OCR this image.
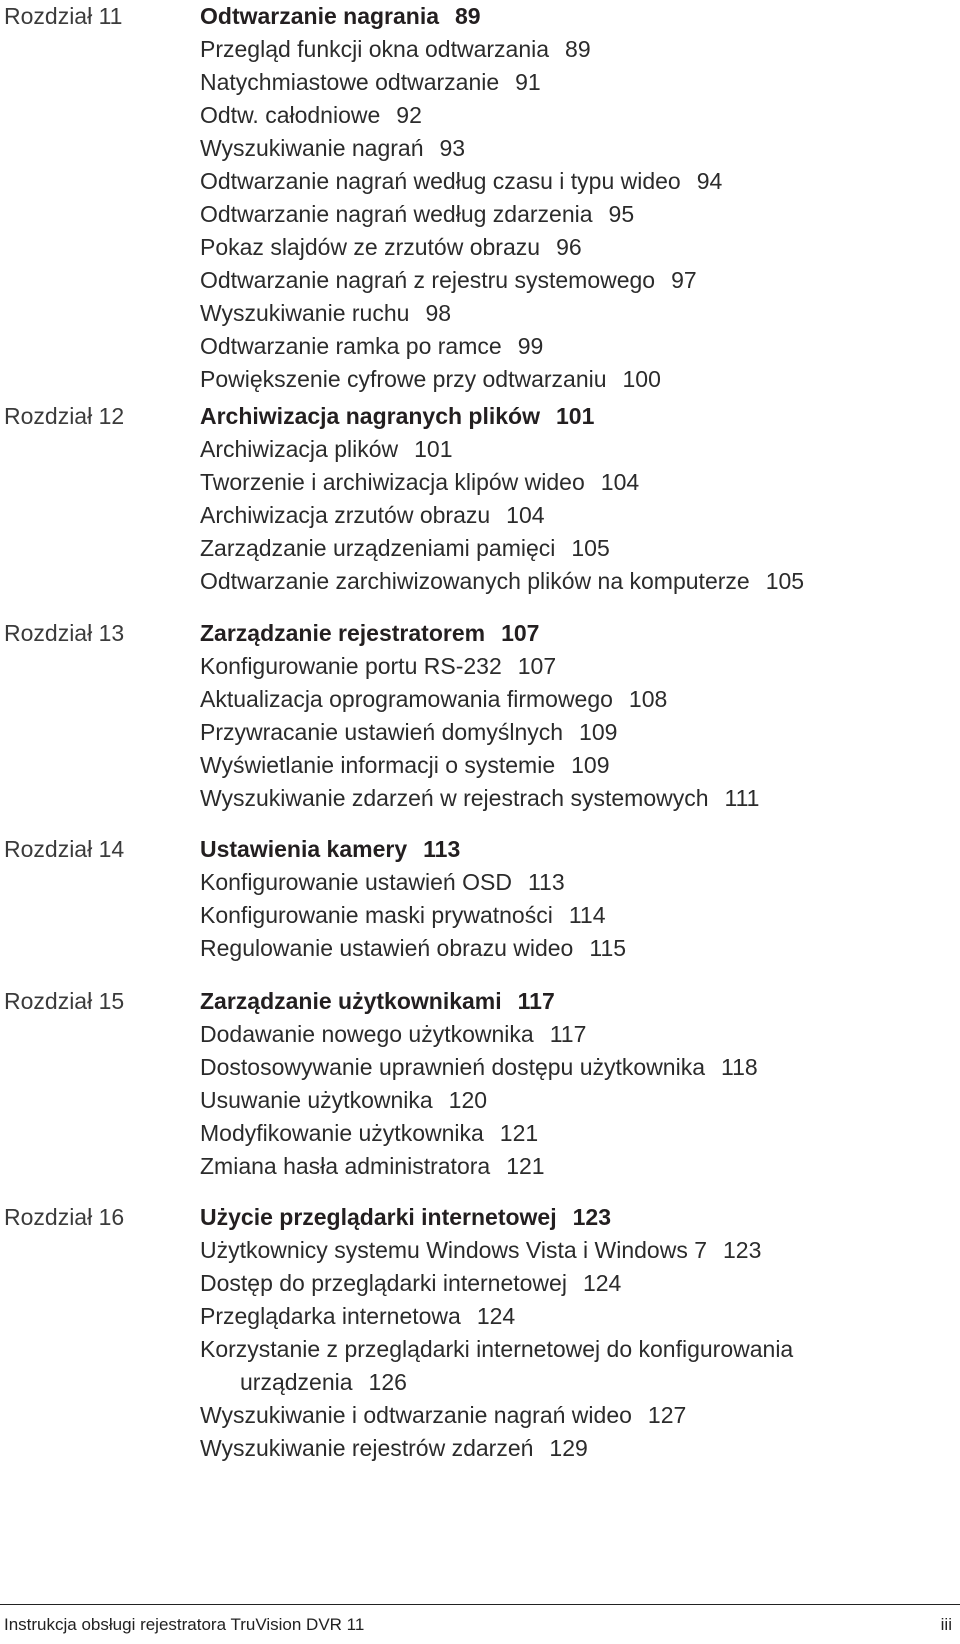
Rozdział 11	Odtwarzanie nagrania 89
Przegląd funkcji okna odtwarzania 89
Natychmiastowe odtwarzanie 91
Odtw. całodniowe 92
Wyszukiwanie nagrań 93
Odtwarzanie nagrań według czasu i typu wideo 94
Odtwarzanie nagrań według zdarzenia 95
Pokaz slajdów ze zrzutów obrazu 96
Odtwarzanie nagrań z rejestru systemowego 97
Wyszukiwanie ruchu 98
Odtwarzanie ramka po ramce 99
Powiększenie cyfrowe przy odtwarzaniu 100
Rozdział 12	Archiwizacja nagranych plików 101
Archiwizacja plików 101
Tworzenie i archiwizacja klipów wideo 104
Archiwizacja zrzutów obrazu 104
Zarządzanie urządzeniami pamięci 105
Odtwarzanie zarchiwizowanych plików na komputerze 105
Rozdział 13	Zarządzanie rejestratorem 107
Konfigurowanie portu RS-232 107
Aktualizacja oprogramowania firmowego 108
Przywracanie ustawień domyślnych 109
Wyświetlanie informacji o systemie 109
Wyszukiwanie zdarzeń w rejestrach systemowych 111
Rozdział 14	Ustawienia kamery 113
Konfigurowanie ustawień OSD 113
Konfigurowanie maski prywatności 114
Regulowanie ustawień obrazu wideo 115
Rozdział 15	Zarządzanie użytkownikami 117
Dodawanie nowego użytkownika 117
Dostosowywanie uprawnień dostępu użytkownika 118
Usuwanie użytkownika 120
Modyfikowanie użytkownika 121
Zmiana hasła administratora 121
Rozdział 16	Użycie przeglądarki internetowej 123
Użytkownicy systemu Windows Vista i Windows 7 123
Dostęp do przeglądarki internetowej 124
Przeglądarka internetowa 124
Korzystanie z przeglądarki internetowej do konfigurowania
urządzenia 126
Wyszukiwanie i odtwarzanie nagrań wideo 127
Wyszukiwanie rejestrów zdarzeń 129
Instrukcja obsługi rejestratora TruVision DVR 11	iii
